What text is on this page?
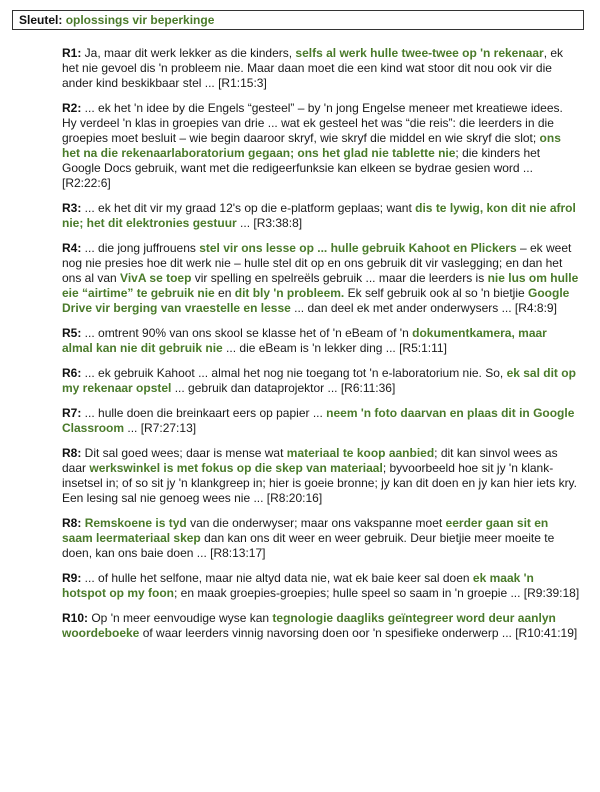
Sleutel: oplossings vir beperkinge

R1: Ja, maar dit werk lekker as die kinders, selfs al werk hulle twee-twee op 'n rekenaar, ek het nie gevoel dis 'n probleem nie. Maar daan moet die een kind wat stoor dit nou ook vir die ander kind beskikbaar stel ... [R1:15:3]

R2: ... ek het 'n idee by die Engels “gesteel” – by 'n jong Engelse meneer met kreatiewe idees. Hy verdeel 'n klas in groepies van drie ... wat ek gesteel het was “die reis”: die leerders in die groepies moet besluit – wie begin daaroor skryf, wie skryf die middel en wie skryf die slot; ons het na die rekenaarlaboratorium gegaan; ons het glad nie tablette nie; die kinders het Google Docs gebruik, want met die redigeerfunksie kan elkeen se bydrae gesien word ... [R2:22:6]

R3: ... ek het dit vir my graad 12's op die e-platform geplaas; want dis te lywig, kon dit nie afrol nie; het dit elektronies gestuur ... [R3:38:8]

R4: ... die jong juffrouens stel vir ons lesse op ... hulle gebruik Kahoot en Plickers – ek weet nog nie presies hoe dit werk nie – hulle stel dit op en ons gebruik dit vir vaslegging; en dan het ons al van VivA se toep vir spelling en spelreëls gebruik ... maar die leerders is nie lus om hulle eie “airtime” te gebruik nie en dit bly 'n probleem. Ek self gebruik ook al so 'n bietjie Google Drive vir berging van vraestelle en lesse ... dan deel ek met ander onderwysers ... [R4:8:9]

R5: ... omtrent 90% van ons skool se klasse het of 'n eBeam of 'n dokumentkamera, maar almal kan nie dit gebruik nie ... die eBeam is 'n lekker ding ... [R5:1:11]

R6: ... ek gebruik Kahoot ... almal het nog nie toegang tot 'n e-laboratorium nie. So, ek sal dit op my rekenaar opstel ... gebruik dan dataprojektor ... [R6:11:36]

R7: ... hulle doen die breinkaart eers op papier ... neem 'n foto daarvan en plaas dit in Google Classroom ... [R7:27:13]

R8: Dit sal goed wees; daar is mense wat materiaal te koop aanbied; dit kan sinvol wees as daar werkswinkel is met fokus op die skep van materiaal; byvoorbeeld hoe sit jy 'n klank-insetsel in; of so sit jy 'n klankgreep in; hier is goeie bronne; jy kan dit doen en jy kan hier iets kry. Een lesing sal nie genoeg wees nie ... [R8:20:16]

R8: Remskoene is tyd van die onderwyser; maar ons vakspanne moet eerder gaan sit en saam leermateriaal skep dan kan ons dit weer en weer gebruik. Deur bietjie meer moeite te doen, kan ons baie doen ... [R8:13:17]

R9: ... of hulle het selfone, maar nie altyd data nie, wat ek baie keer sal doen ek maak 'n hotspot op my foon; en maak groepies-groepies; hulle speel so saam in 'n groepie ... [R9:39:18]

R10: Op 'n meer eenvoudige wyse kan tegnologie daagliks geïntegreer word deur aanlyn woordeboeke of waar leerders vinnig navorsing doen oor 'n spesifieke onderwerp ... [R10:41:19]
